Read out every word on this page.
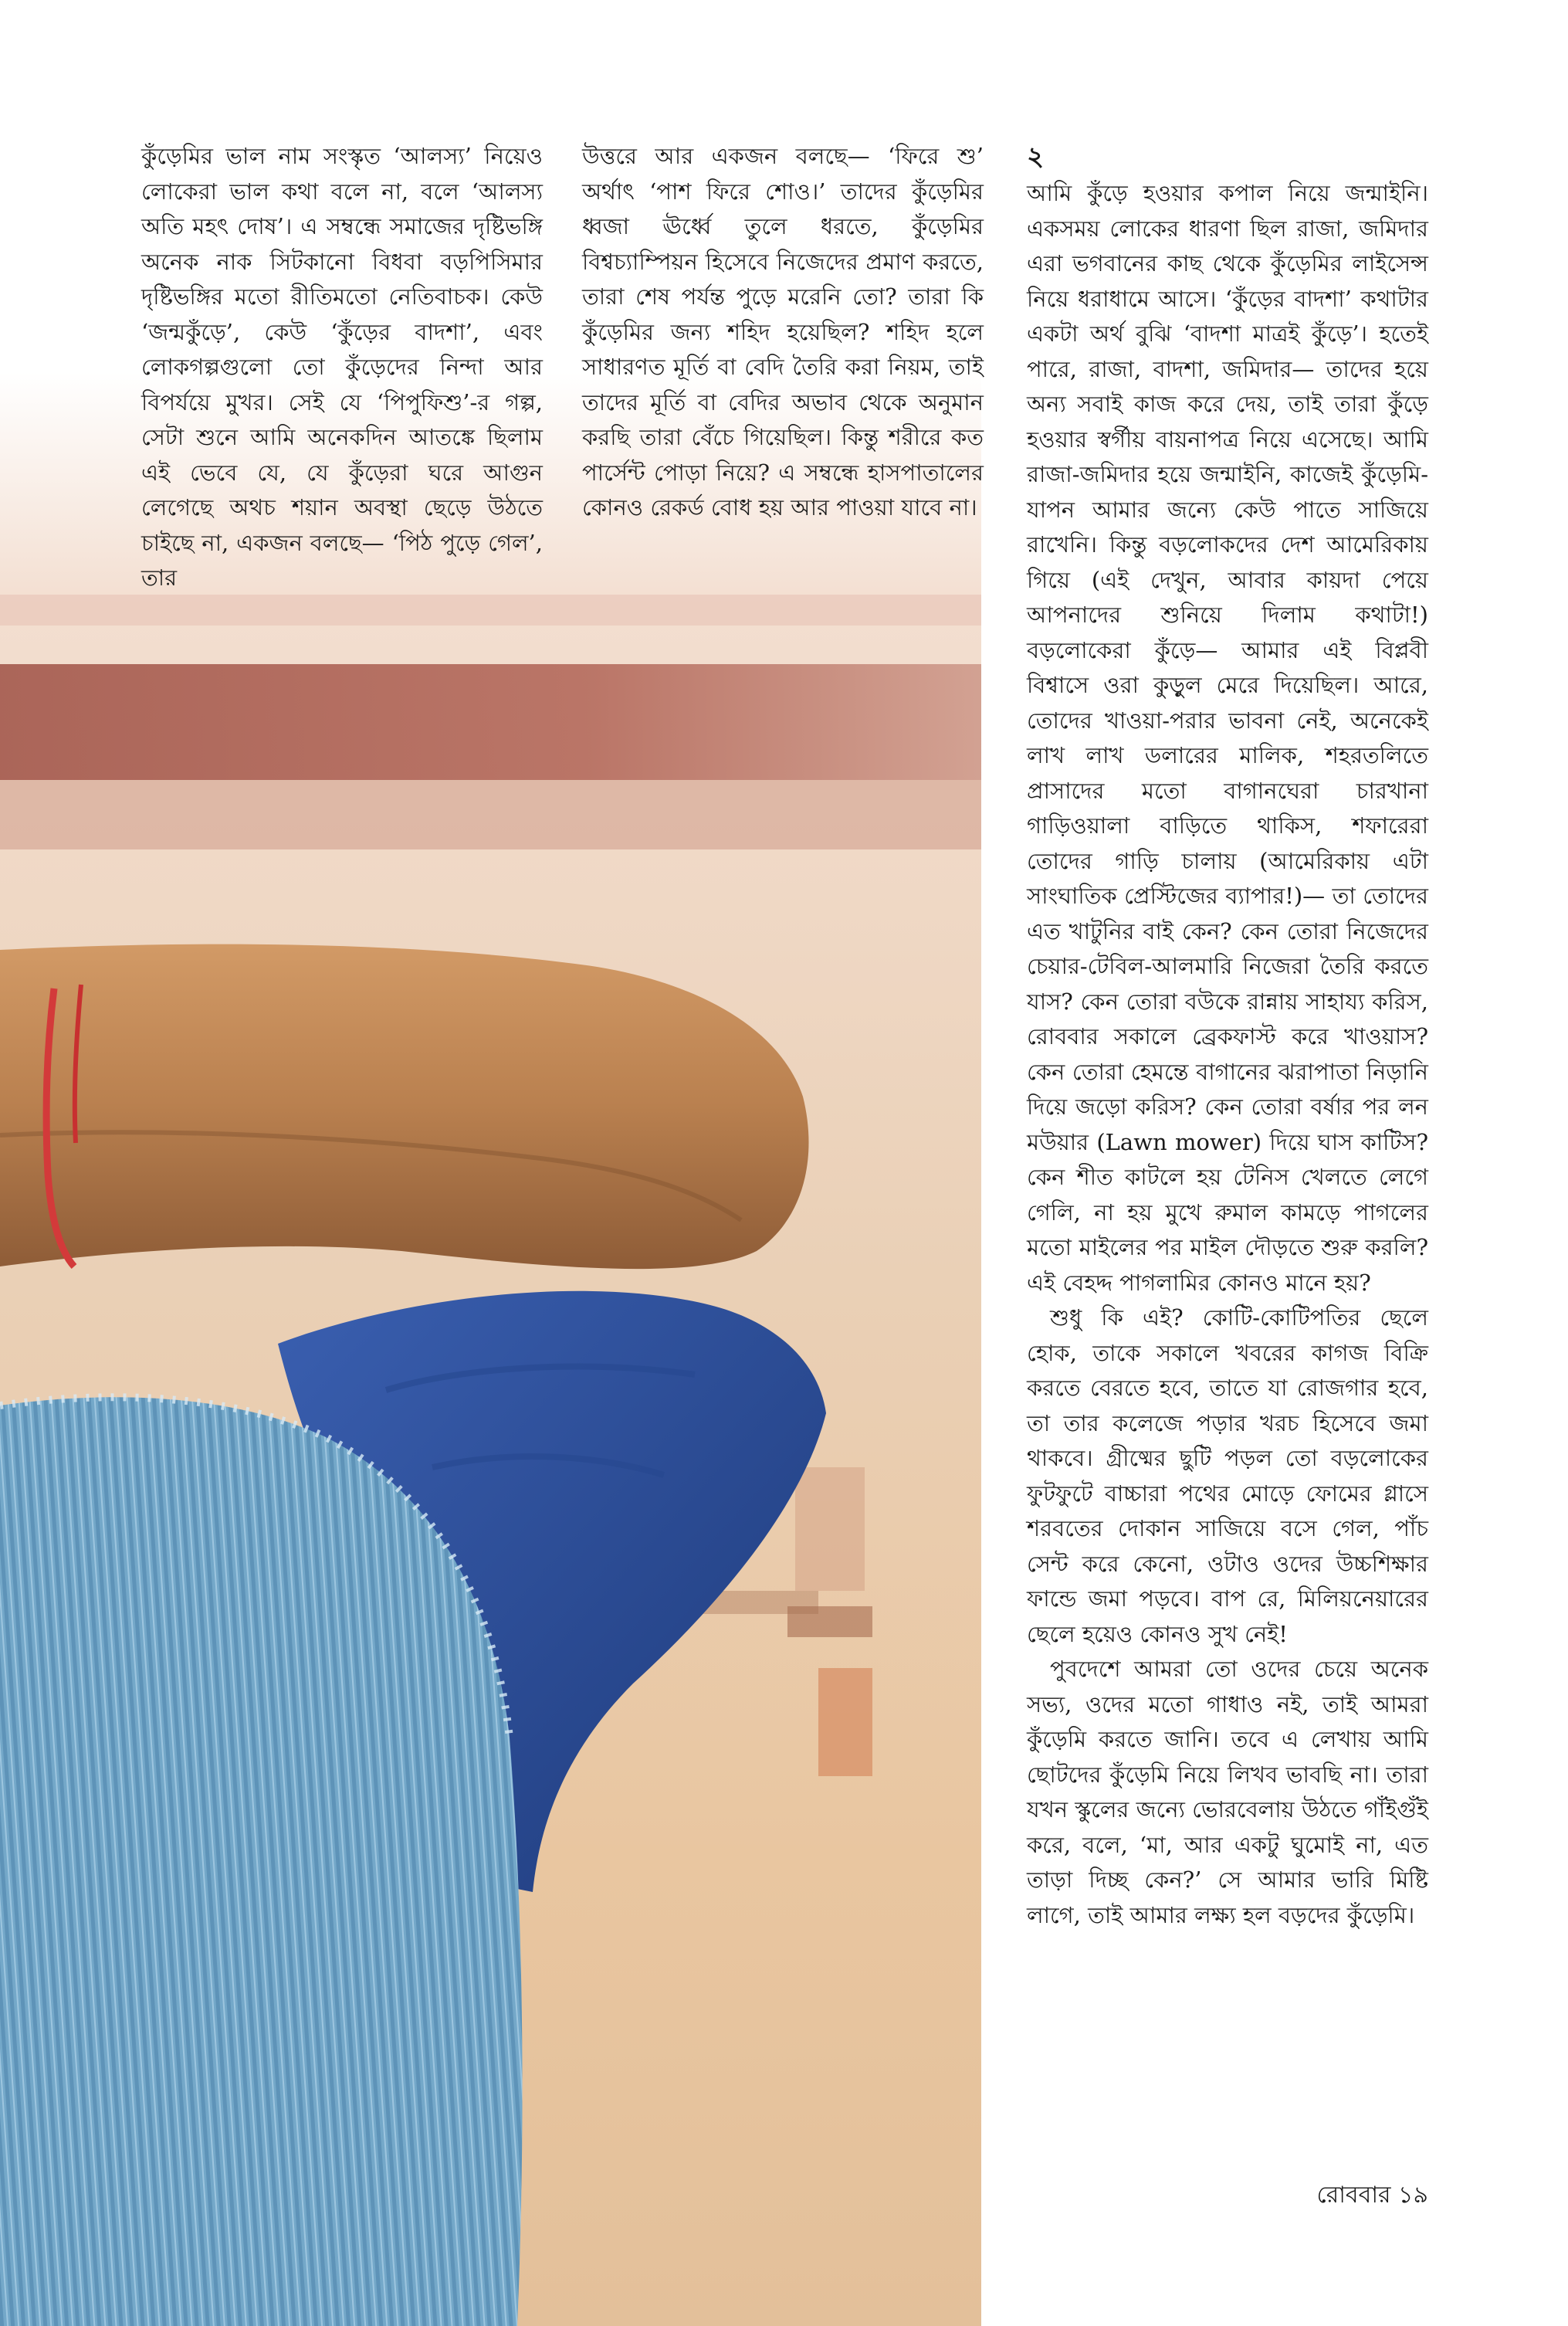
কুঁড়েমির ভাল নাম সংস্কৃত ‘আলস্য’ নিয়েও লোকেরা ভাল কথা বলে না, বলে ‘আলস্য অতি মহৎ দোষ’। এ সম্বন্ধে সমাজের দৃষ্টিভঙ্গি অনেক নাক সিটকানো বিধবা বড়পিসিমার দৃষ্টিভঙ্গির মতো রীতিমতো নেতিবাচক। কেউ ‘জন্মকুঁড়ে’, কেউ ‘কুঁড়ের বাদশা’, এবং লোকগল্পগুলো তো কুঁড়েদের নিন্দা আর বিপর্যয়ে মুখর। সেই যে ‘পিপুফিশু’-র গল্প, সেটা শুনে আমি অনেকদিন আতঙ্কে ছিলাম এই ভেবে যে, যে কুঁড়েরা ঘরে আগুন লেগেছে অথচ শয়ান অবস্থা ছেড়ে উঠতে চাইছে না, একজন বলছে— ‘পিঠ পুড়ে গেল’, তার

উত্তরে আর একজন বলছে— ‘ফিরে শু’ অর্থাৎ ‘পাশ ফিরে শোও।’ তাদের কুঁড়েমির ধ্বজা ঊর্ধ্বে তুলে ধরতে, কুঁড়েমির বিশ্বচ্যাম্পিয়ন হিসেবে নিজেদের প্রমাণ করতে, তারা শেষ পর্যন্ত পুড়ে মরেনি তো? তারা কি কুঁড়েমির জন্য শহিদ হয়েছিল? শহিদ হলে সাধারণত মূর্তি বা বেদি তৈরি করা নিয়ম, তাই তাদের মূর্তি বা বেদির অভাব থেকে অনুমান করছি তারা বেঁচে গিয়েছিল। কিন্তু শরীরে কত পার্সেন্ট পোড়া নিয়ে? এ সম্বন্ধে হাসপাতালের কোনও রেকর্ড বোধ হয় আর পাওয়া যাবে না।

২

আমি কুঁড়ে হওয়ার কপাল নিয়ে জন্মাইনি। একসময় লোকের ধারণা ছিল রাজা, জমিদার এরা ভগবানের কাছ থেকে কুঁড়েমির লাইসেন্স নিয়ে ধরাধামে আসে। ‘কুঁড়ের বাদশা’ কথাটার একটা অর্থ বুঝি ‘বাদশা মাত্রই কুঁড়ে’। হতেই পারে, রাজা, বাদশা, জমিদার— তাদের হয়ে অন্য সবাই কাজ করে দেয়, তাই তারা কুঁড়ে হওয়ার স্বর্গীয় বায়নাপত্র নিয়ে এসেছে। আমি রাজা-জমিদার হয়ে জন্মাইনি, কাজেই কুঁড়েমি-যাপন আমার জন্যে কেউ পাতে সাজিয়ে রাখেনি। কিন্তু বড়লোকদের দেশ আমেরিকায় গিয়ে (এই দেখুন, আবার কায়দা পেয়ে আপনাদের শুনিয়ে দিলাম কথাটা!) বড়লোকেরা কুঁড়ে— আমার এই বিপ্লবী বিশ্বাসে ওরা কুড়ুল মেরে দিয়েছিল। আরে, তোদের খাওয়া-পরার ভাবনা নেই, অনেকেই লাখ লাখ ডলারের মালিক, শহরতলিতে প্রাসাদের মতো বাগানঘেরা চারখানা গাড়িওয়ালা বাড়িতে থাকিস, শফারেরা তোদের গাড়ি চালায় (আমেরিকায় এটা সাংঘাতিক প্রেস্টিজের ব্যাপার!)— তা তোদের এত খাটুনির বাই কেন? কেন তোরা নিজেদের চেয়ার-টেবিল-আলমারি নিজেরা তৈরি করতে যাস? কেন তোরা বউকে রান্নায় সাহায্য করিস, রোববার সকালে ব্রেকফাস্ট করে খাওয়াস? কেন তোরা হেমন্তে বাগানের ঝরাপাতা নিড়ানি দিয়ে জড়ো করিস? কেন তোরা বর্ষার পর লন মউয়ার (Lawn mower) দিয়ে ঘাস কাটিস? কেন শীত কাটলে হয় টেনিস খেলতে লেগে গেলি, না হয় মুখে রুমাল কামড়ে পাগলের মতো মাইলের পর মাইল দৌড়তে শুরু করলি? এই বেহদ্দ পাগলামির কোনও মানে হয়?

শুধু কি এই? কোটি-কোটিপতির ছেলে হোক, তাকে সকালে খবরের কাগজ বিক্রি করতে বেরতে হবে, তাতে যা রোজগার হবে, তা তার কলেজে পড়ার খরচ হিসেবে জমা থাকবে। গ্রীষ্মের ছুটি পড়ল তো বড়লোকের ফুটফুটে বাচ্চারা পথের মোড়ে ফোমের গ্লাসে শরবতের দোকান সাজিয়ে বসে গেল, পাঁচ সেন্ট করে কেনো, ওটাও ওদের উচ্চশিক্ষার ফান্ডে জমা পড়বে। বাপ রে, মিলিয়নেয়ারের ছেলে হয়েও কোনও সুখ নেই!

পুবদেশে আমরা তো ওদের চেয়ে অনেক সভ্য, ওদের মতো গাধাও নই, তাই আমরা কুঁড়েমি করতে জানি। তবে এ লেখায় আমি ছোটদের কুঁড়েমি নিয়ে লিখব ভাবছি না। তারা যখন স্কুলের জন্যে ভোরবেলায় উঠতে গাঁইগুঁই করে, বলে, ‘মা, আর একটু ঘুমোই না, এত তাড়া দিচ্ছ কেন?’ সে আমার ভারি মিষ্টি লাগে, তাই আমার লক্ষ্য হল বড়দের কুঁড়েমি।

রোববার ১৯
